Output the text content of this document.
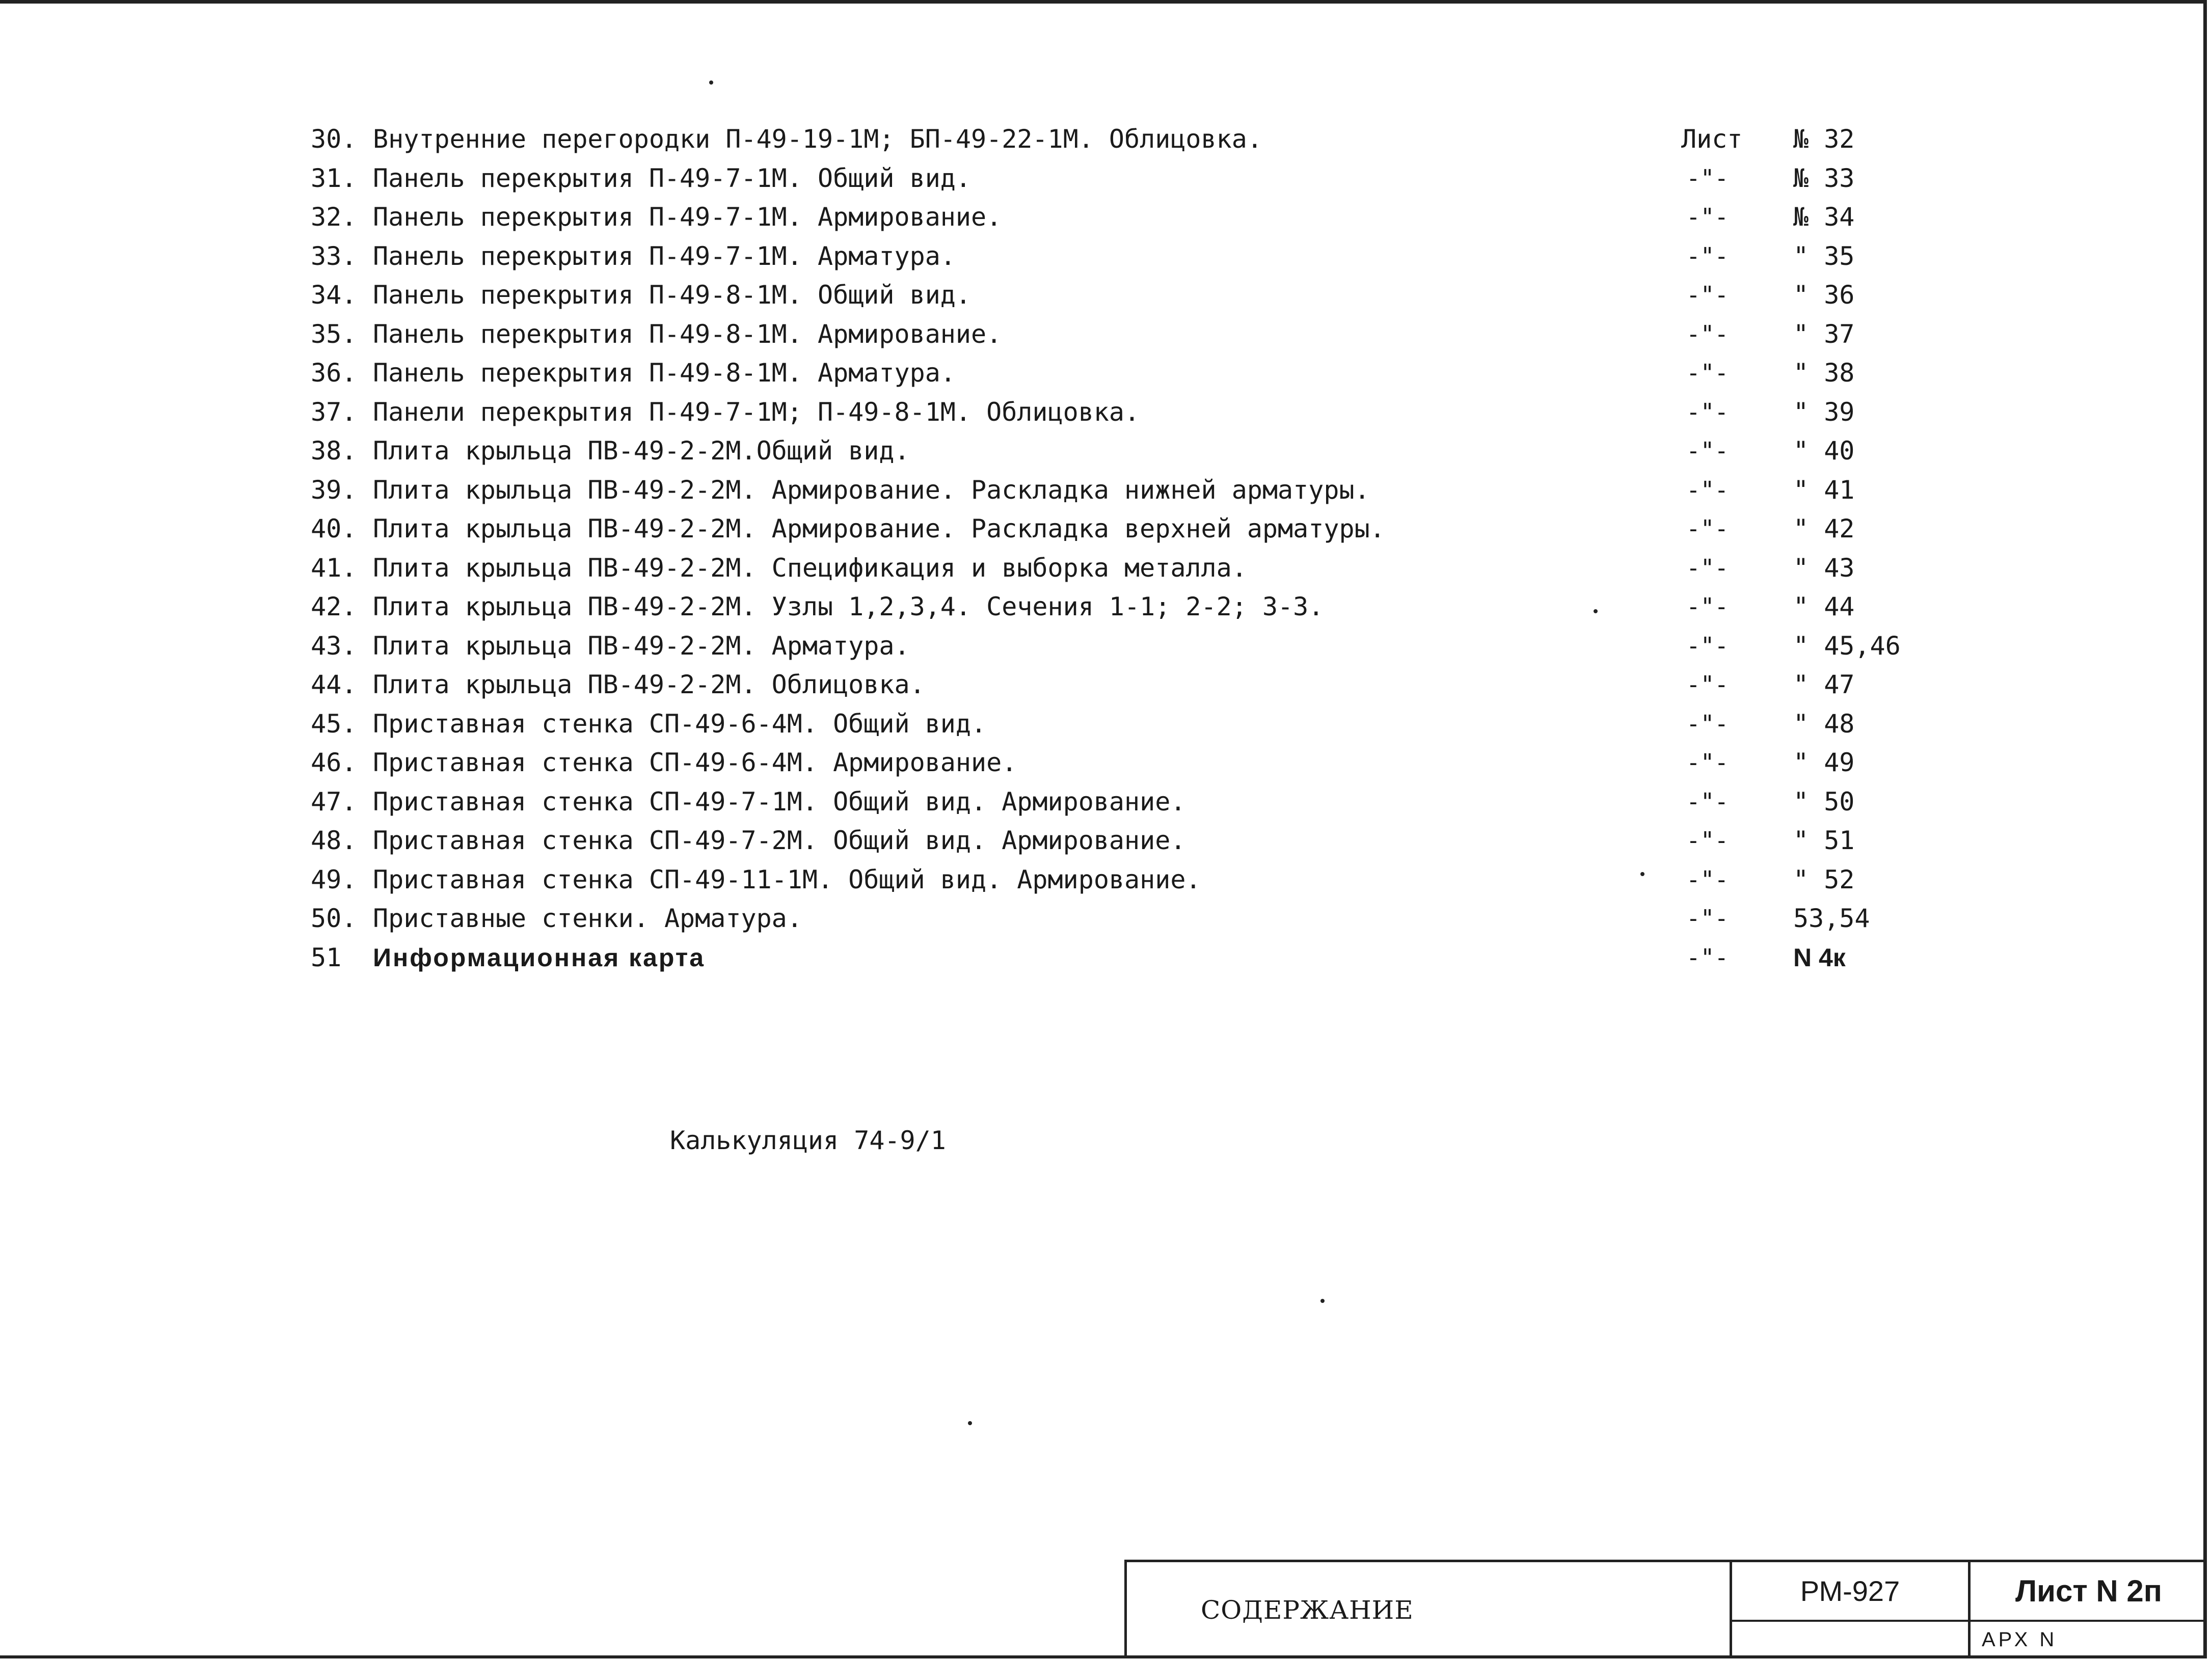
30. Внутренние перегородки П-49-19-1М; БП-49-22-1М. Облицовка.	Лист № 32
31. Панель перекрытия П-49-7-1М. Общий вид.	-"-	№ 33
32. Панель перекрытия П-49-7-1М. Армирование.	-"-	№ 34
33. Панель перекрытия П-49-7-1М. Арматура.	-"-	" 35
34. Панель перекрытия П-49-8-1М. Общий вид.	-"-	" 36
35. Панель перекрытия П-49-8-1М. Армирование.	-"-	" 37
36. Панель перекрытия П-49-8-1М. Арматура.	-"-	" 38
37. Панели перекрытия П-49-7-1М; П-49-8-1М. Облицовка.	-"-	" 39
38. Плита крыльца ПВ-49-2-2М.Общий вид.	-"-	" 40
39. Плита крыльца ПВ-49-2-2М. Армирование. Раскладка нижней арматуры.	-"-	" 41
40. Плита крыльца ПВ-49-2-2М. Армирование. Раскладка верхней арматуры.	-"-	" 42
41. Плита крыльца ПВ-49-2-2М. Спецификация и выборка металла.	-"-	" 43
42. Плита крыльца ПВ-49-2-2М. Узлы 1,2,3,4. Сечения 1-1; 2-2; 3-3.	-"-	" 44
43. Плита крыльца ПВ-49-2-2М. Арматура.	-"-	" 45,46
44. Плита крыльца ПВ-49-2-2М. Облицовка.	-"-	" 47
45. Приставная стенка СП-49-6-4М. Общий вид.	-"-	" 48
46. Приставная стенка СП-49-6-4М. Армирование.	-"-	" 49
47. Приставная стенка СП-49-7-1М. Общий вид. Армирование.	-"-	" 50
48. Приставная стенка СП-49-7-2М. Общий вид. Армирование.	-"-	" 51
49. Приставная стенка СП-49-11-1М. Общий вид. Армирование.	-"-	" 52
50. Приставные стенки. Арматура.	-"-	53,54
51 Информационная карта	-"-	N 4к
Калькуляция 74-9/1
СОДЕРЖАНИЕ
РМ-927	Лист N 2п
АРХ N
